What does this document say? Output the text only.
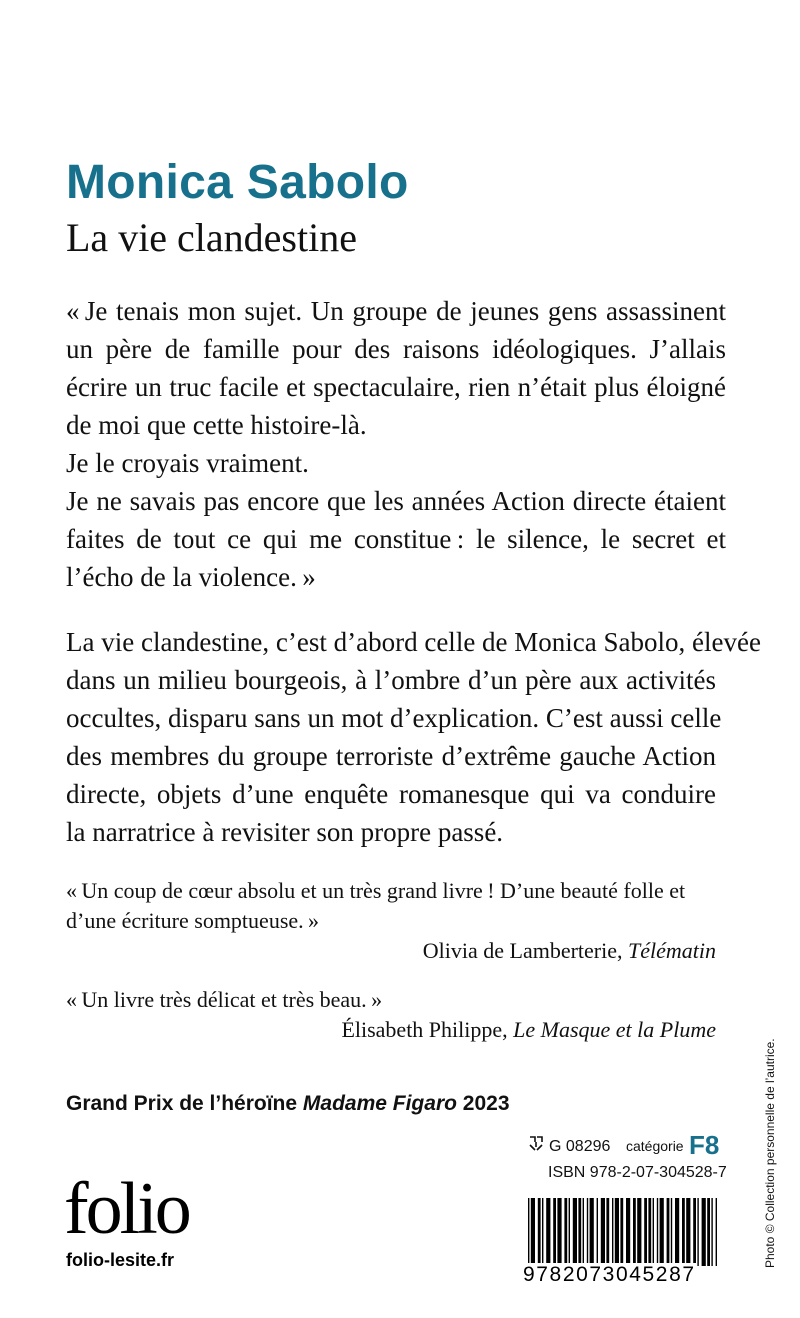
Monica Sabolo
La vie clandestine
« Je tenais mon sujet. Un groupe de jeunes gens assassinent
un père de famille pour des raisons idéologiques. J’allais
écrire un truc facile et spectaculaire, rien n’était plus éloigné
de moi que cette histoire-là.
Je le croyais vraiment.
Je ne savais pas encore que les années Action directe étaient
faites de tout ce qui me constitue : le silence, le secret et
l’écho de la violence. »
La vie clandestine, c’est d’abord celle de Monica Sabolo, élevée
dans un milieu bourgeois, à l’ombre d’un père aux activités
occultes, disparu sans un mot d’explication. C’est aussi celle
des membres du groupe terroriste d’extrême gauche Action
directe, objets d’une enquête romanesque qui va conduire
la narratrice à revisiter son propre passé.
« Un coup de cœur absolu et un très grand livre ! D’une beauté folle et
d’une écriture somptueuse. »
Olivia de Lamberterie, Télématin
« Un livre très délicat et très beau. »
Élisabeth Philippe, Le Masque et la Plume
Grand Prix de l’héroïne Madame Figaro 2023
folio
folio-lesite.fr
G 08296 catégorie F8
ISBN 978-2-07-304528-7
9782073045287
Photo © Collection personnelle de l’autrice.
